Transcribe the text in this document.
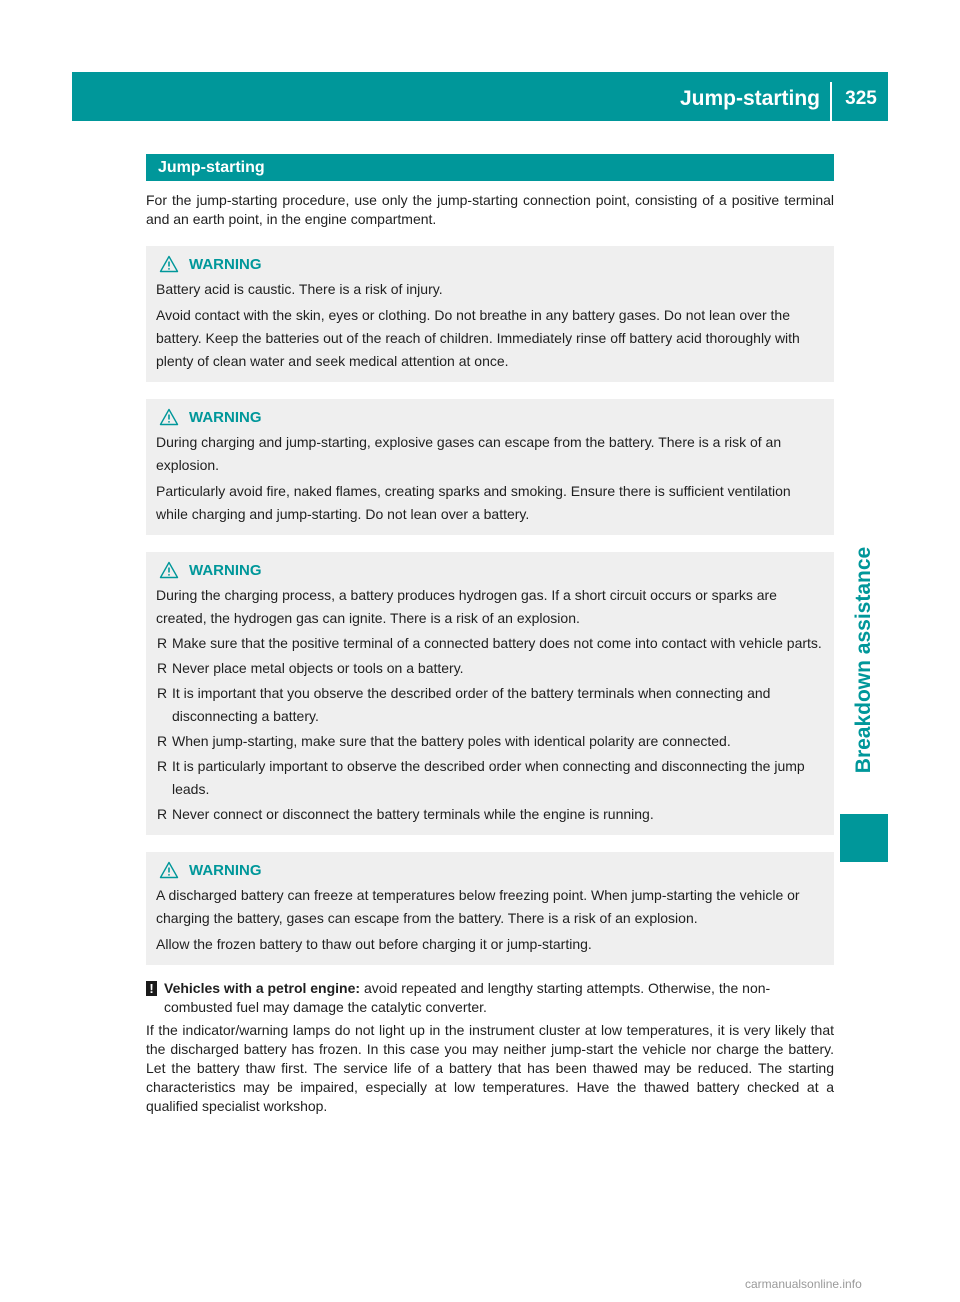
Jump-starting	325
Breakdown assistance
Jump-starting

For the jump-starting procedure, use only the jump-starting connection point, consisting of a positive terminal and an earth point, in the engine compartment.

WARNING

Battery acid is caustic. There is a risk of injury.

Avoid contact with the skin, eyes or clothing. Do not breathe in any battery gases. Do not lean over the battery. Keep the batteries out of the reach of children. Immediately rinse off battery acid thoroughly with plenty of clean water and seek medical attention at once.

WARNING

During charging and jump-starting, explosive gases can escape from the battery. There is a risk of an explosion.

Particularly avoid fire, naked flames, creating sparks and smoking. Ensure there is sufficient ventilation while charging and jump-starting. Do not lean over a battery.

WARNING

During the charging process, a battery produces hydrogen gas. If a short circuit occurs or sparks are created, the hydrogen gas can ignite. There is a risk of an explosion.

R Make sure that the positive terminal of a connected battery does not come into contact with vehicle parts.
R Never place metal objects or tools on a battery.
R It is important that you observe the described order of the battery terminals when connecting and disconnecting a battery.
R When jump-starting, make sure that the battery poles with identical polarity are connected.
R It is particularly important to observe the described order when connecting and disconnecting the jump leads.
R Never connect or disconnect the battery terminals while the engine is running.
WARNING

A discharged battery can freeze at temperatures below freezing point. When jump-starting the vehicle or charging the battery, gases can escape from the battery. There is a risk of an explosion.

Allow the frozen battery to thaw out before charging it or jump-starting.

! Vehicles with a petrol engine: avoid repeated and lengthy starting attempts. Otherwise, the non-combusted fuel may damage the catalytic converter.

If the indicator/warning lamps do not light up in the instrument cluster at low temperatures, it is very likely that the discharged battery has frozen. In this case you may neither jump-start the vehicle nor charge the battery. Let the battery thaw first. The service life of a battery that has been thawed may be reduced. The starting characteristics may be impaired, especially at low temperatures. Have the thawed battery checked at a qualified specialist workshop.

carmanualsonline.info
